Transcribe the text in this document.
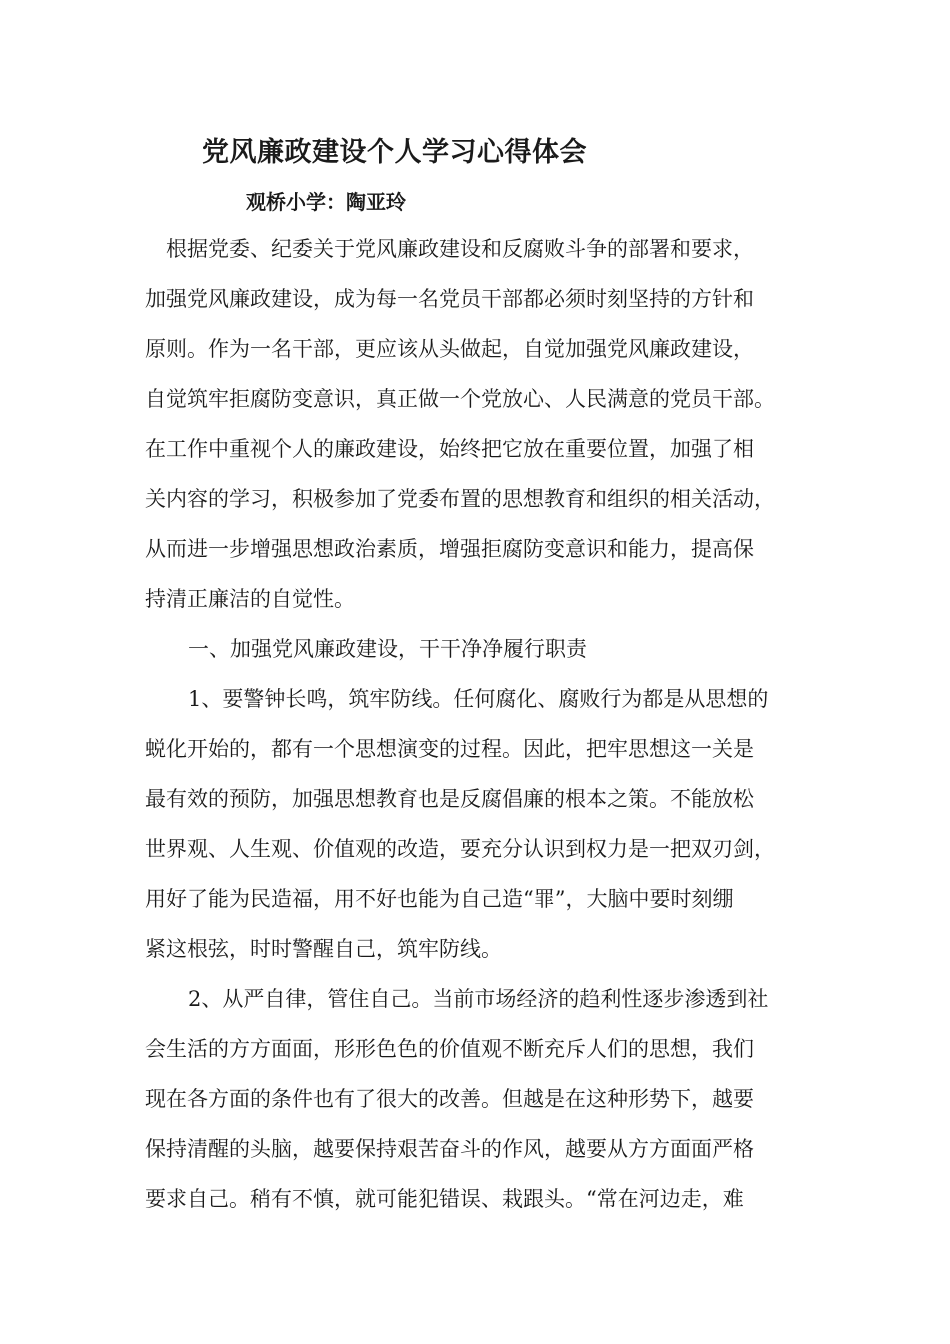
党风廉政建设个人学习心得体会
观桥小学：陶亚玲

根据党委、纪委关于党风廉政建设和反腐败斗争的部署和要求，

加强党风廉政建设，成为每一名党员干部都必须时刻坚持的方针和

原则。作为一名干部，更应该从头做起，自觉加强党风廉政建设，

自觉筑牢拒腐防变意识，真正做一个党放心、人民满意的党员干部。

在工作中重视个人的廉政建设，始终把它放在重要位置，加强了相

关内容的学习，积极参加了党委布置的思想教育和组织的相关活动，

从而进一步增强思想政治素质，增强拒腐防变意识和能力，提高保

持清正廉洁的自觉性。

一、加强党风廉政建设，干干净净履行职责

1、要警钟长鸣，筑牢防线。任何腐化、腐败行为都是从思想的

蜕化开始的，都有一个思想演变的过程。因此，把牢思想这一关是

最有效的预防，加强思想教育也是反腐倡廉的根本之策。不能放松

世界观、人生观、价值观的改造，要充分认识到权力是一把双刃剑，

用好了能为民造福，用不好也能为自己造“罪”，大脑中要时刻绷

紧这根弦，时时警醒自己，筑牢防线。

2、从严自律，管住自己。当前市场经济的趋利性逐步渗透到社

会生活的方方面面，形形色色的价值观不断充斥人们的思想，我们

现在各方面的条件也有了很大的改善。但越是在这种形势下，越要

保持清醒的头脑，越要保持艰苦奋斗的作风，越要从方方面面严格

要求自己。稍有不慎，就可能犯错误、栽跟头。“常在河边走，难
